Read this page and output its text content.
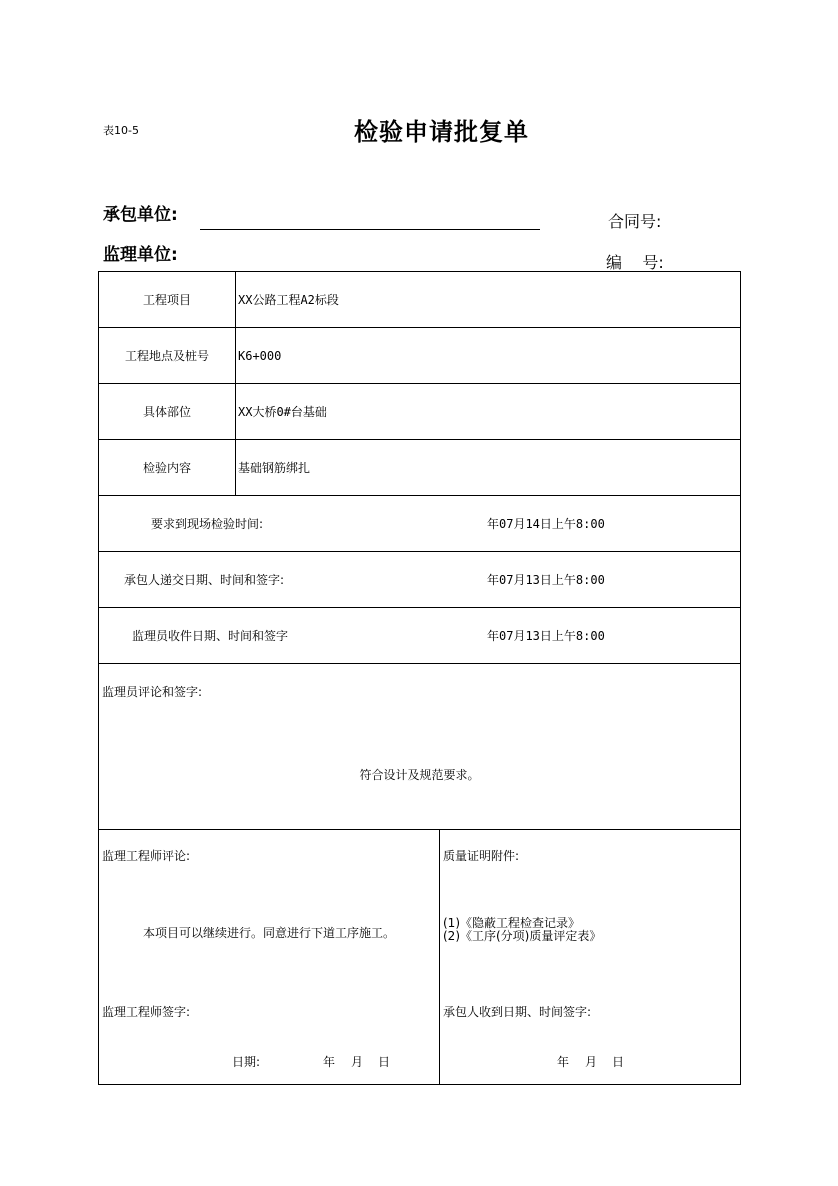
表10-5	检验申请批复单
承包单位:
监理单位:
合同号:
编    号:
工程项目	XX公路工程A2标段
工程地点及桩号	K6+000
具体部位	XX大桥0#台基础
检验内容	基础钢筋绑扎
要求到现场检验时间:	年07月14日上午8:00
承包人递交日期、时间和签字:	年07月13日上午8:00
监理员收件日期、时间和签字	年07月13日上午8:00
监理员评论和签字:
符合设计及规范要求。
监理工程师评论:
本项目可以继续进行。同意进行下道工序施工。
监理工程师签字:
日期:	年 月 日
质量证明附件:
(1)《隐蔽工程检查记录》
(2)《工序(分项)质量评定表》
承包人收到日期、时间签字:
年 月 日
